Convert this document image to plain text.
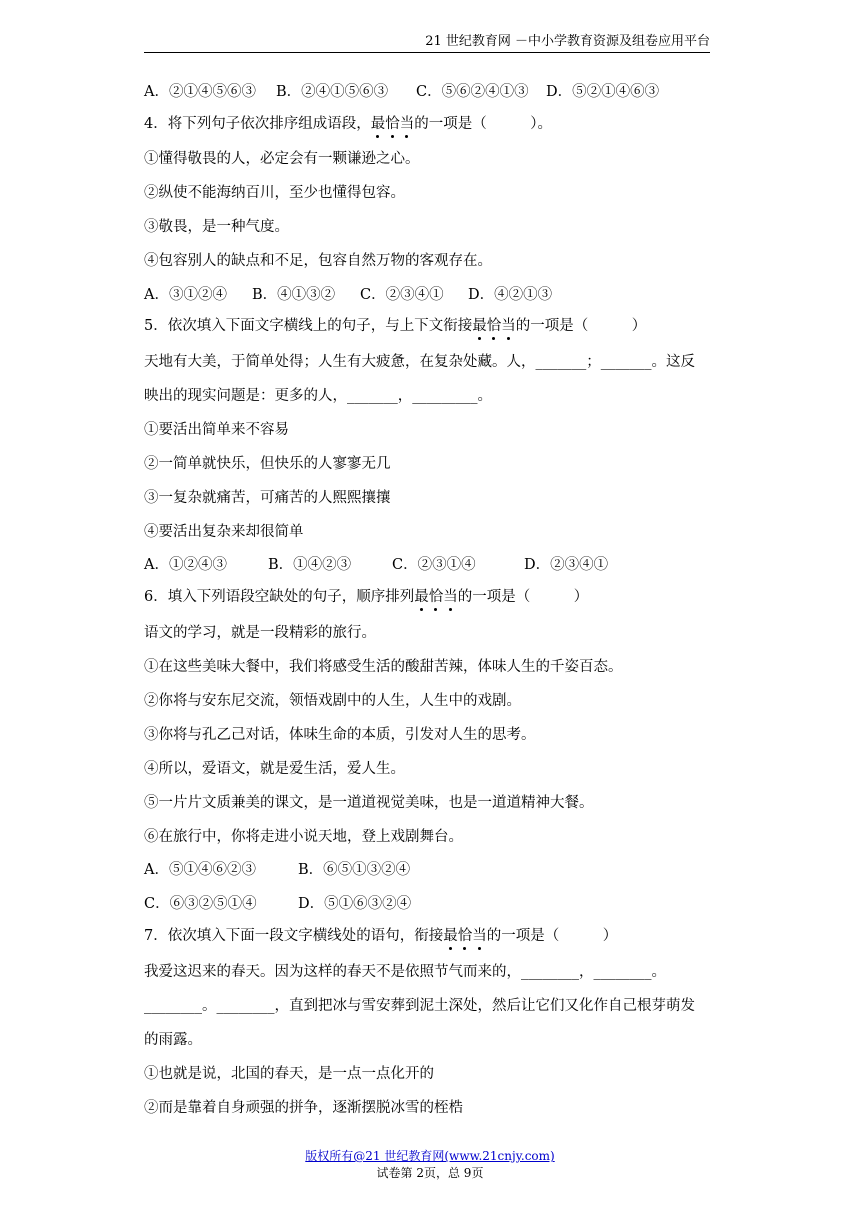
21 世纪教育网 －中小学教育资源及组卷应用平台
A．②①④⑤⑥③ B．②④①⑤⑥③ C．⑤⑥②④①③ D．⑤②①④⑥③
4．将下列句子依次排序组成语段，最恰当的一项是（　　　）。
①懂得敬畏的人，必定会有一颗谦逊之心。
②纵使不能海纳百川，至少也懂得包容。
③敬畏，是一种气度。
④包容别人的缺点和不足，包容自然万物的客观存在。
A．③①②④ B．④①③② C．②③④① D．④②①③
5．依次填入下面文字横线上的句子，与上下文衔接最恰当的一项是（　　　）
天地有大美，于简单处得；人生有大疲惫，在复杂处藏。人，_______；_______。这反
映出的现实问题是：更多的人，_______，_________。
①要活出简单来不容易
②一简单就快乐，但快乐的人寥寥无几
③一复杂就痛苦，可痛苦的人熙熙攘攘
④要活出复杂来却很简单
A．①②④③	B．①④②③	C．②③①④	D．②③④①
6．填入下列语段空缺处的句子，顺序排列最恰当的一项是（　　　）
语文的学习，就是一段精彩的旅行。
①在这些美味大餐中，我们将感受生活的酸甜苦辣，体味人生的千姿百态。
②你将与安东尼交流，领悟戏剧中的人生，人生中的戏剧。
③你将与孔乙己对话，体味生命的本质，引发对人生的思考。
④所以，爱语文，就是爱生活，爱人生。
⑤一片片文质兼美的课文，是一道道视觉美味，也是一道道精神大餐。
⑥在旅行中，你将走进小说天地，登上戏剧舞台。
A．⑤①④⑥②③	B．⑥⑤①③②④
C．⑥③②⑤①④	D．⑤①⑥③②④
7．依次填入下面一段文字横线处的语句，衔接最恰当的一项是（　　　）
我爱这迟来的春天。因为这样的春天不是依照节气而来的，________，________。
________。________，直到把冰与雪安葬到泥土深处，然后让它们又化作自己根芽萌发
的雨露。
①也就是说，北国的春天，是一点一点化开的
②而是靠着自身顽强的拼争，逐渐摆脱冰雪的桎梏
版权所有@21 世纪教育网(www.21cnjy.com)
试卷第 2页，总 9页
